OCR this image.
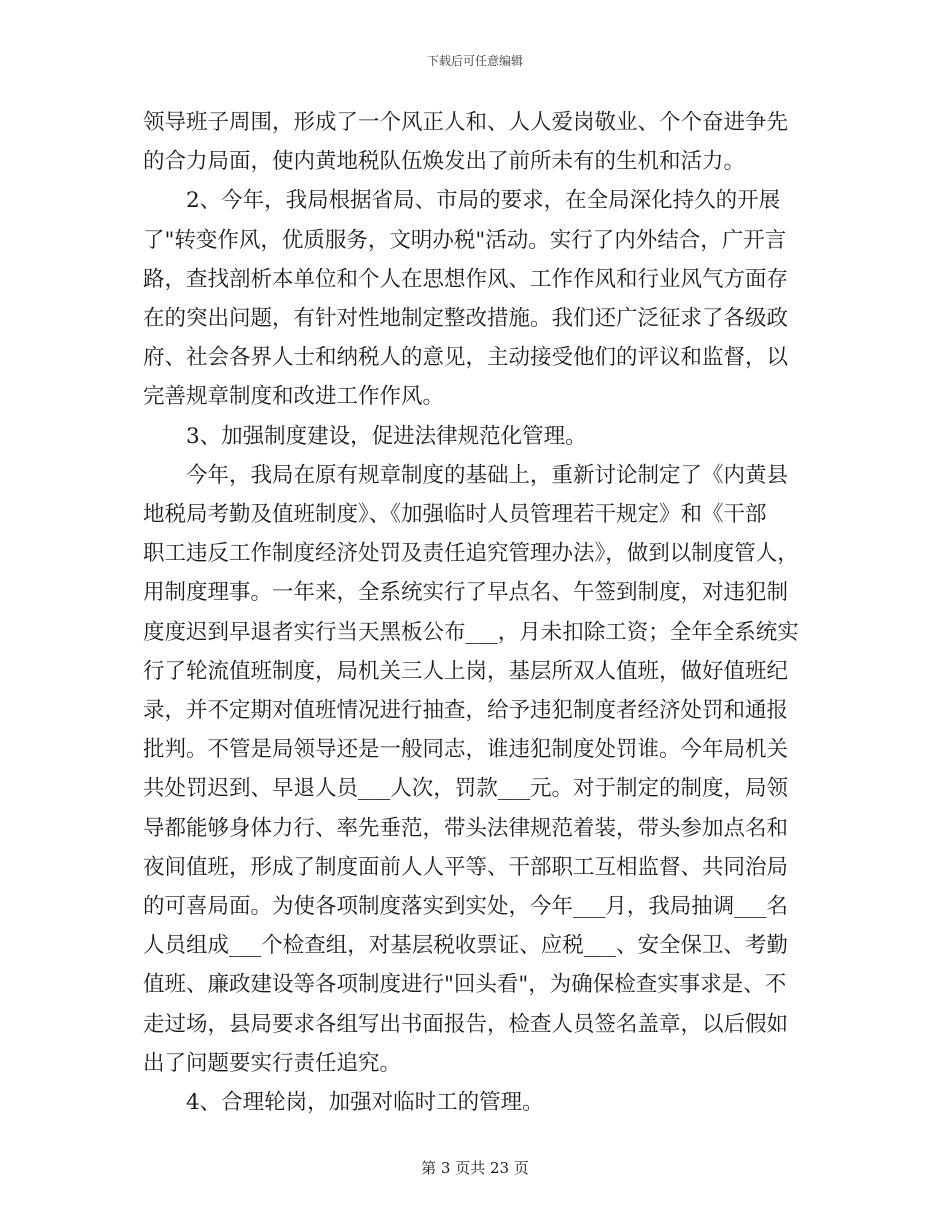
下载后可任意编辑
领导班子周围，形成了一个风正人和、人人爱岗敬业、个个奋进争先
的合力局面，使内黄地税队伍焕发出了前所未有的生机和活力。
2、今年，我局根据省局、市局的要求，在全局深化持久的开展
了"转变作风，优质服务，文明办税"活动。实行了内外结合，广开言
路，查找剖析本单位和个人在思想作风、工作作风和行业风气方面存
在的突出问题，有针对性地制定整改措施。我们还广泛征求了各级政
府、社会各界人士和纳税人的意见，主动接受他们的评议和监督，以
完善规章制度和改进工作作风。
3、加强制度建设，促进法律规范化管理。
今年，我局在原有规章制度的基础上，重新讨论制定了《内黄县
地税局考勤及值班制度》、《加强临时人员管理若干规定》和《干部
职工违反工作制度经济处罚及责任追究管理办法》，做到以制度管人，
用制度理事。一年来，全系统实行了早点名、午签到制度，对违犯制
度度迟到早退者实行当天黑板公布___，月未扣除工资；全年全系统实
行了轮流值班制度，局机关三人上岗，基层所双人值班，做好值班纪
录，并不定期对值班情况进行抽查，给予违犯制度者经济处罚和通报
批判。不管是局领导还是一般同志，谁违犯制度处罚谁。今年局机关
共处罚迟到、早退人员___人次，罚款___元。对于制定的制度，局领
导都能够身体力行、率先垂范，带头法律规范着装，带头参加点名和
夜间值班，形成了制度面前人人平等、干部职工互相监督、共同治局
的可喜局面。为使各项制度落实到实处，今年___月，我局抽调___名
人员组成___个检查组，对基层税收票证、应税___、安全保卫、考勤
值班、廉政建设等各项制度进行"回头看"，为确保检查实事求是、不
走过场，县局要求各组写出书面报告，检查人员签名盖章，以后假如
出了问题要实行责任追究。
4、合理轮岗，加强对临时工的管理。
第 3 页共 23 页
